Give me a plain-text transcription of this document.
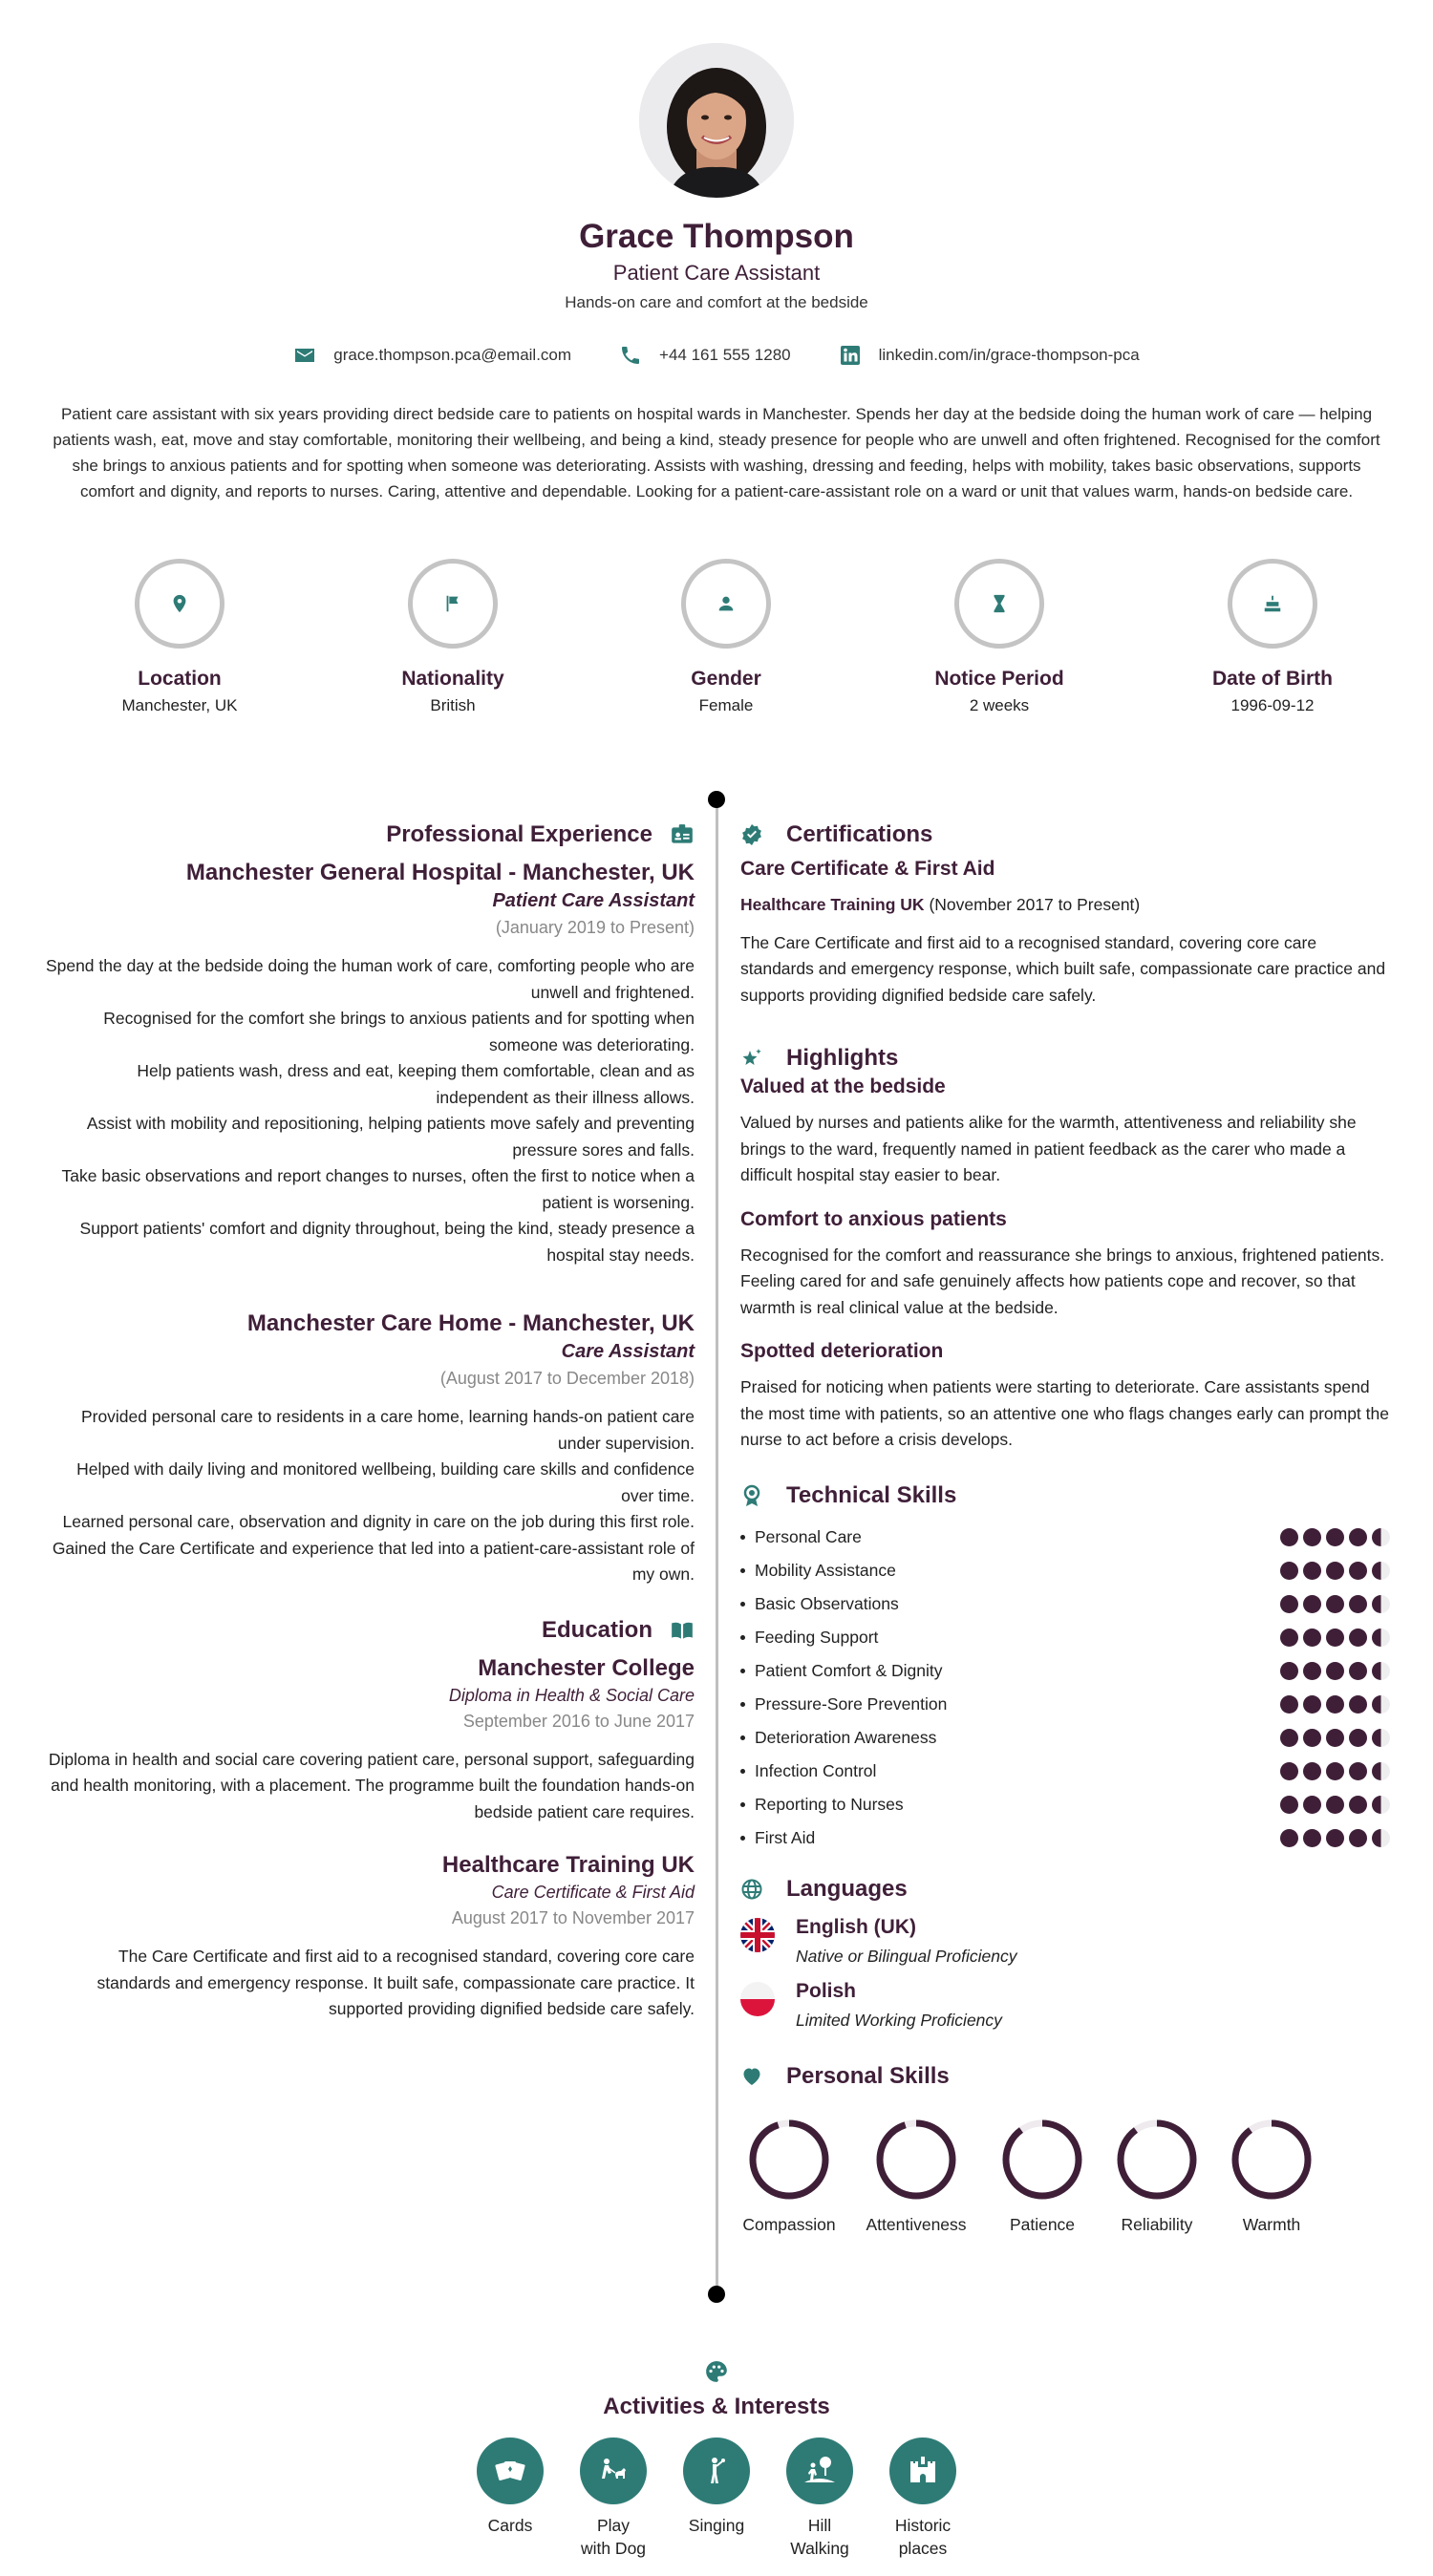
Grace Thompson
Patient Care Assistant
Hands-on care and comfort at the bedside
grace.thompson.pca@email.com	+44 161 555 1280	linkedin.com/in/grace-thompson-pca
Patient care assistant with six years providing direct bedside care to patients on hospital wards in Manchester. Spends her day at the bedside doing the human work of care — helping patients wash, eat, move and stay comfortable, monitoring their wellbeing, and being a kind, steady presence for people who are unwell and often frightened. Recognised for the comfort she brings to anxious patients and for spotting when someone was deteriorating. Assists with washing, dressing and feeding, helps with mobility, takes basic observations, supports comfort and dignity, and reports to nurses. Caring, attentive and dependable. Looking for a patient-care-assistant role on a ward or unit that values warm, hands-on bedside care.
Location
Manchester, UK
Nationality
British
Gender
Female
Notice Period
2 weeks
Date of Birth
1996-09-12
Professional Experience
Manchester General Hospital - Manchester, UK
Patient Care Assistant
(January 2019 to Present)
Spend the day at the bedside doing the human work of care, comforting people who are unwell and frightened.
Recognised for the comfort she brings to anxious patients and for spotting when someone was deteriorating.
Help patients wash, dress and eat, keeping them comfortable, clean and as independent as their illness allows.
Assist with mobility and repositioning, helping patients move safely and preventing pressure sores and falls.
Take basic observations and report changes to nurses, often the first to notice when a patient is worsening.
Support patients' comfort and dignity throughout, being the kind, steady presence a hospital stay needs.
Manchester Care Home - Manchester, UK
Care Assistant
(August 2017 to December 2018)
Provided personal care to residents in a care home, learning hands-on patient care under supervision.
Helped with daily living and monitored wellbeing, building care skills and confidence over time.
Learned personal care, observation and dignity in care on the job during this first role.
Gained the Care Certificate and experience that led into a patient-care-assistant role of my own.
Education
Manchester College
Diploma in Health & Social Care
September 2016 to June 2017
Diploma in health and social care covering patient care, personal support, safeguarding and health monitoring, with a placement. The programme built the foundation hands-on bedside patient care requires.
Healthcare Training UK
Care Certificate & First Aid
August 2017 to November 2017
The Care Certificate and first aid to a recognised standard, covering core care standards and emergency response. It built safe, compassionate care practice. It supported providing dignified bedside care safely.
Certifications
Care Certificate & First Aid
Healthcare Training UK (November 2017 to Present)
The Care Certificate and first aid to a recognised standard, covering core care standards and emergency response, which built safe, compassionate care practice and supports providing dignified bedside care safely.
Highlights
Valued at the bedside
Valued by nurses and patients alike for the warmth, attentiveness and reliability she brings to the ward, frequently named in patient feedback as the carer who made a difficult hospital stay easier to bear.
Comfort to anxious patients
Recognised for the comfort and reassurance she brings to anxious, frightened patients. Feeling cared for and safe genuinely affects how patients cope and recover, so that warmth is real clinical value at the bedside.
Spotted deterioration
Praised for noticing when patients were starting to deteriorate. Care assistants spend the most time with patients, so an attentive one who flags changes early can prompt the nurse to act before a crisis develops.
Technical Skills
Personal Care
Mobility Assistance
Basic Observations
Feeding Support
Patient Comfort & Dignity
Pressure-Sore Prevention
Deterioration Awareness
Infection Control
Reporting to Nurses
First Aid
Languages
English (UK)
Native or Bilingual Proficiency
Polish
Limited Working Proficiency
Personal Skills
Compassion	Attentiveness	Patience	Reliability	Warmth
Activities & Interests
Cards	Play with Dog
Singing	Hill Walking
Historic places
